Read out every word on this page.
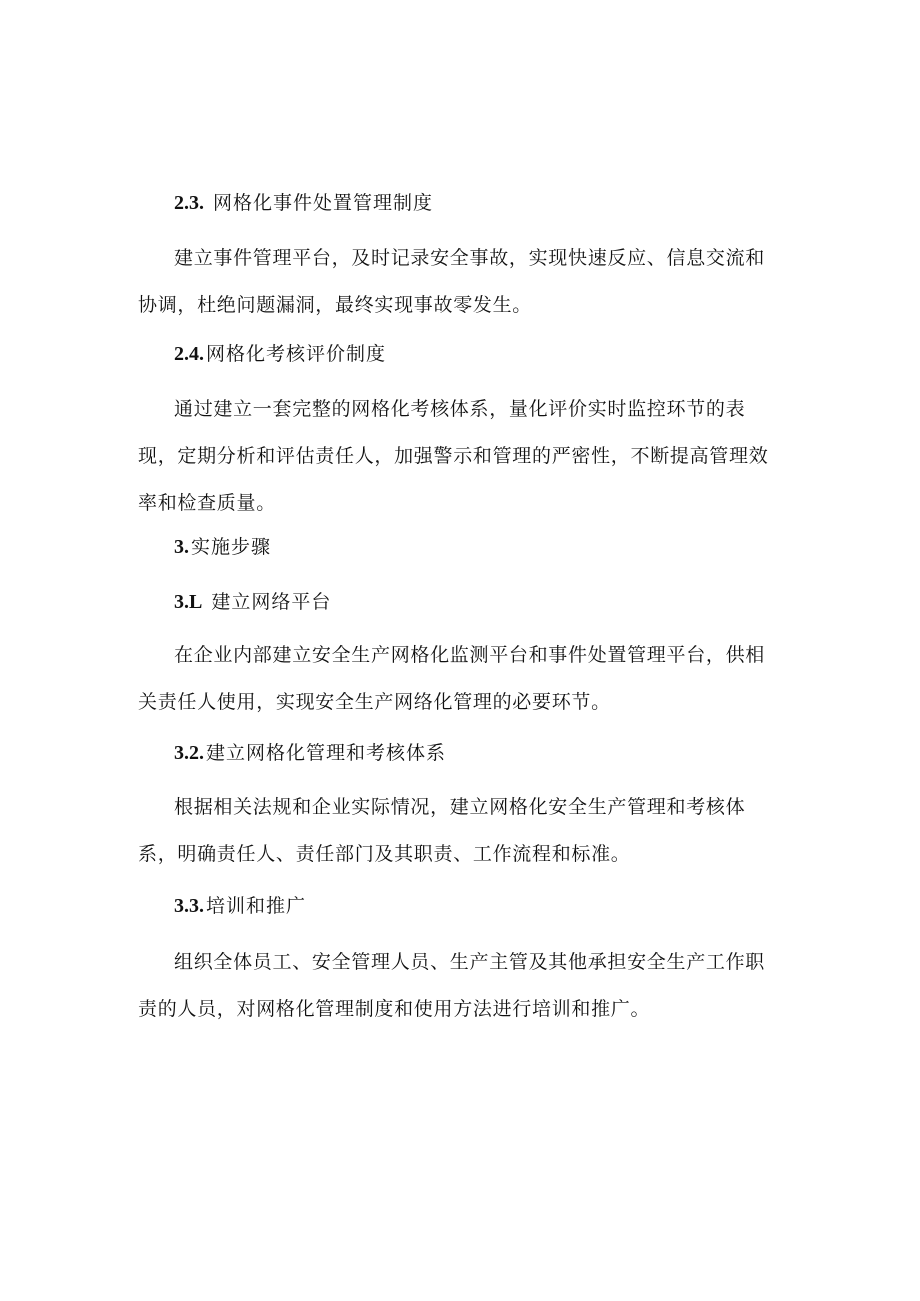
2.3. 网格化事件处置管理制度
建立事件管理平台，及时记录安全事故，实现快速反应、信息交流和协调，杜绝问题漏洞，最终实现事故零发生。
2.4. 网格化考核评价制度
通过建立一套完整的网格化考核体系，量化评价实时监控环节的表现，定期分析和评估责任人，加强警示和管理的严密性，不断提高管理效率和检查质量。
3. 实施步骤
3.L 建立网络平台
在企业内部建立安全生产网格化监测平台和事件处置管理平台，供相关责任人使用，实现安全生产网络化管理的必要环节。
3.2. 建立网格化管理和考核体系
根据相关法规和企业实际情况，建立网格化安全生产管理和考核体系，明确责任人、责任部门及其职责、工作流程和标准。
3.3. 培训和推广
组织全体员工、安全管理人员、生产主管及其他承担安全生产工作职责的人员，对网格化管理制度和使用方法进行培训和推广。
